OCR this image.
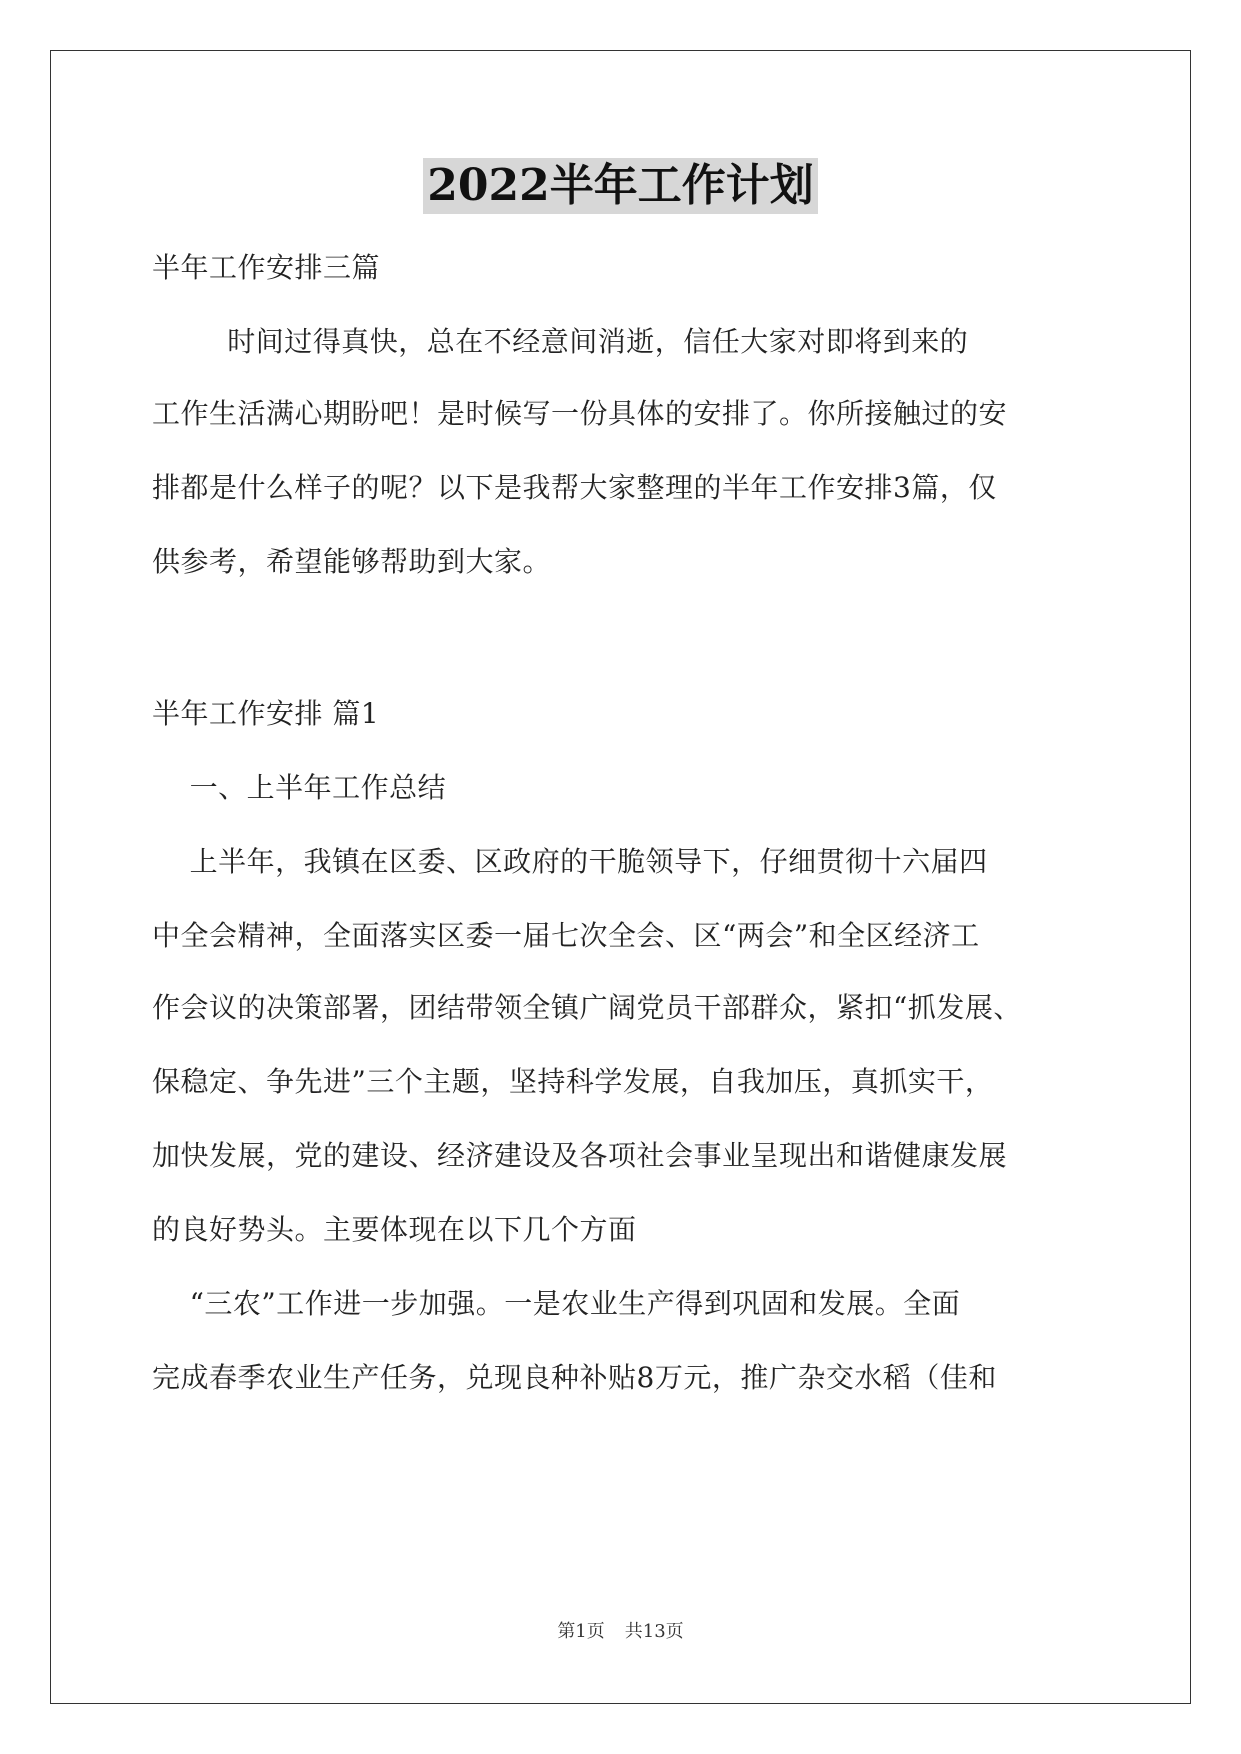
2022半年工作计划
半年工作安排三篇
时间过得真快，总在不经意间消逝，信任大家对即将到来的
工作生活满心期盼吧！是时候写一份具体的安排了。你所接触过的安
排都是什么样子的呢？以下是我帮大家整理的半年工作安排3篇，仅
供参考，希望能够帮助到大家。
半年工作安排 篇1
一、上半年工作总结
上半年，我镇在区委、区政府的干脆领导下，仔细贯彻十六届四
中全会精神，全面落实区委一届七次全会、区“两会”和全区经济工
作会议的决策部署，团结带领全镇广阔党员干部群众，紧扣“抓发展、
保稳定、争先进”三个主题，坚持科学发展，自我加压，真抓实干，
加快发展，党的建设、经济建设及各项社会事业呈现出和谐健康发展
的良好势头。主要体现在以下几个方面
“三农”工作进一步加强。一是农业生产得到巩固和发展。全面
完成春季农业生产任务，兑现良种补贴8万元，推广杂交水稻（佳和
第1页 共13页
